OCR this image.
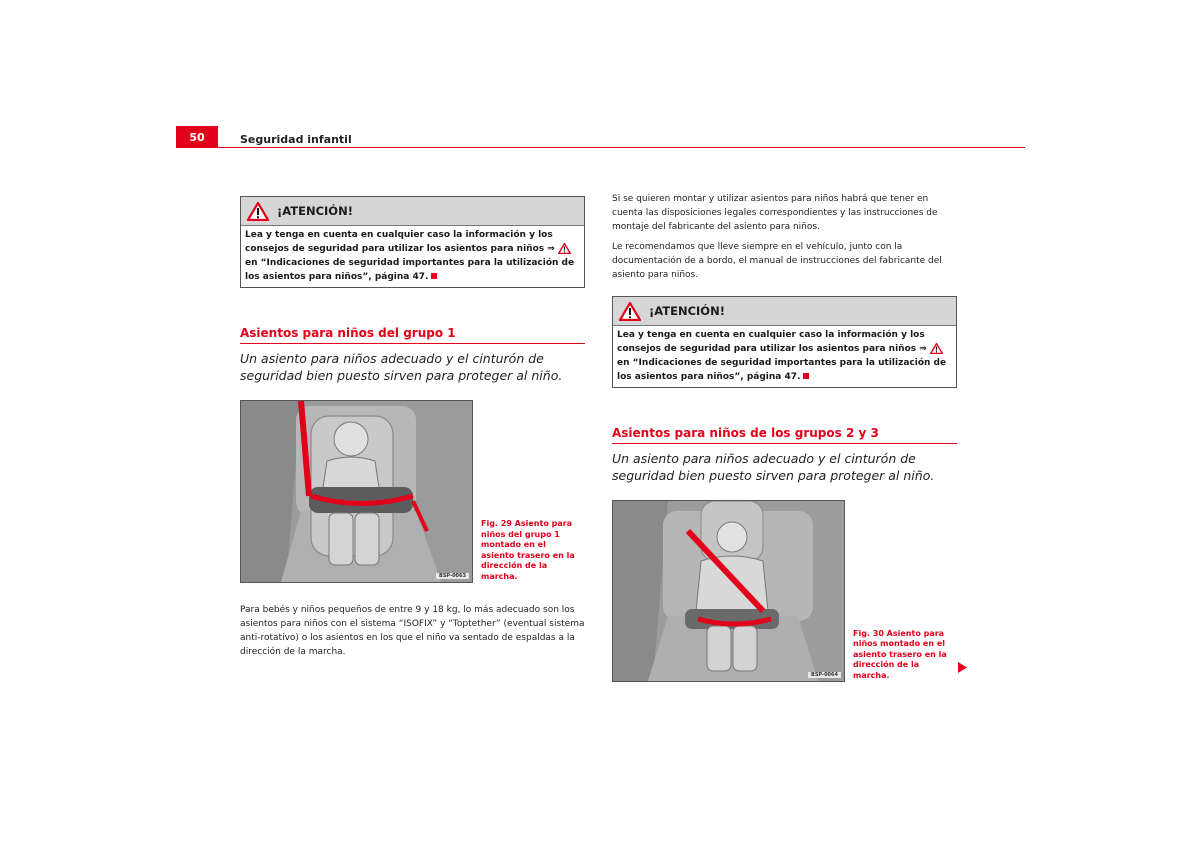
50	Seguridad infantil
¡ATENCIÓN!
Lea y tenga en cuenta en cualquier caso la información y los consejos de seguridad para utilizar los asientos para niños ⇒  en “Indicaciones de seguridad importantes para la utilización de los asientos para niños”, página 47.
Asientos para niños del grupo 1
Un asiento para niños adecuado y el cinturón de seguridad bien puesto sirven para proteger al niño.
BSP-0063
Fig. 29 Asiento para niños del grupo 1 montado en el asiento trasero en la dirección de la marcha.
Para bebés y niños pequeños de entre 9 y 18 kg, lo más adecuado son los asientos para niños con el sistema “ISOFIX” y “Toptether” (eventual sistema anti-rotativo) o los asientos en los que el niño va sentado de espaldas a la dirección de la marcha.
Si se quieren montar y utilizar asientos para niños habrá que tener en cuenta las disposiciones legales correspondientes y las instrucciones de montaje del fabricante del asiento para niños.
Le recomendamos que lleve siempre en el vehículo, junto con la documentación de a bordo, el manual de instrucciones del fabricante del asiento para niños.
¡ATENCIÓN!
Lea y tenga en cuenta en cualquier caso la información y los consejos de seguridad para utilizar los asientos para niños ⇒  en “Indicaciones de seguridad importantes para la utilización de los asientos para niños”, página 47.
Asientos para niños de los grupos 2 y 3
Un asiento para niños adecuado y el cinturón de seguridad bien puesto sirven para proteger al niño.
BSP-0064
Fig. 30 Asiento para niños montado en el asiento trasero en la dirección de la marcha.
